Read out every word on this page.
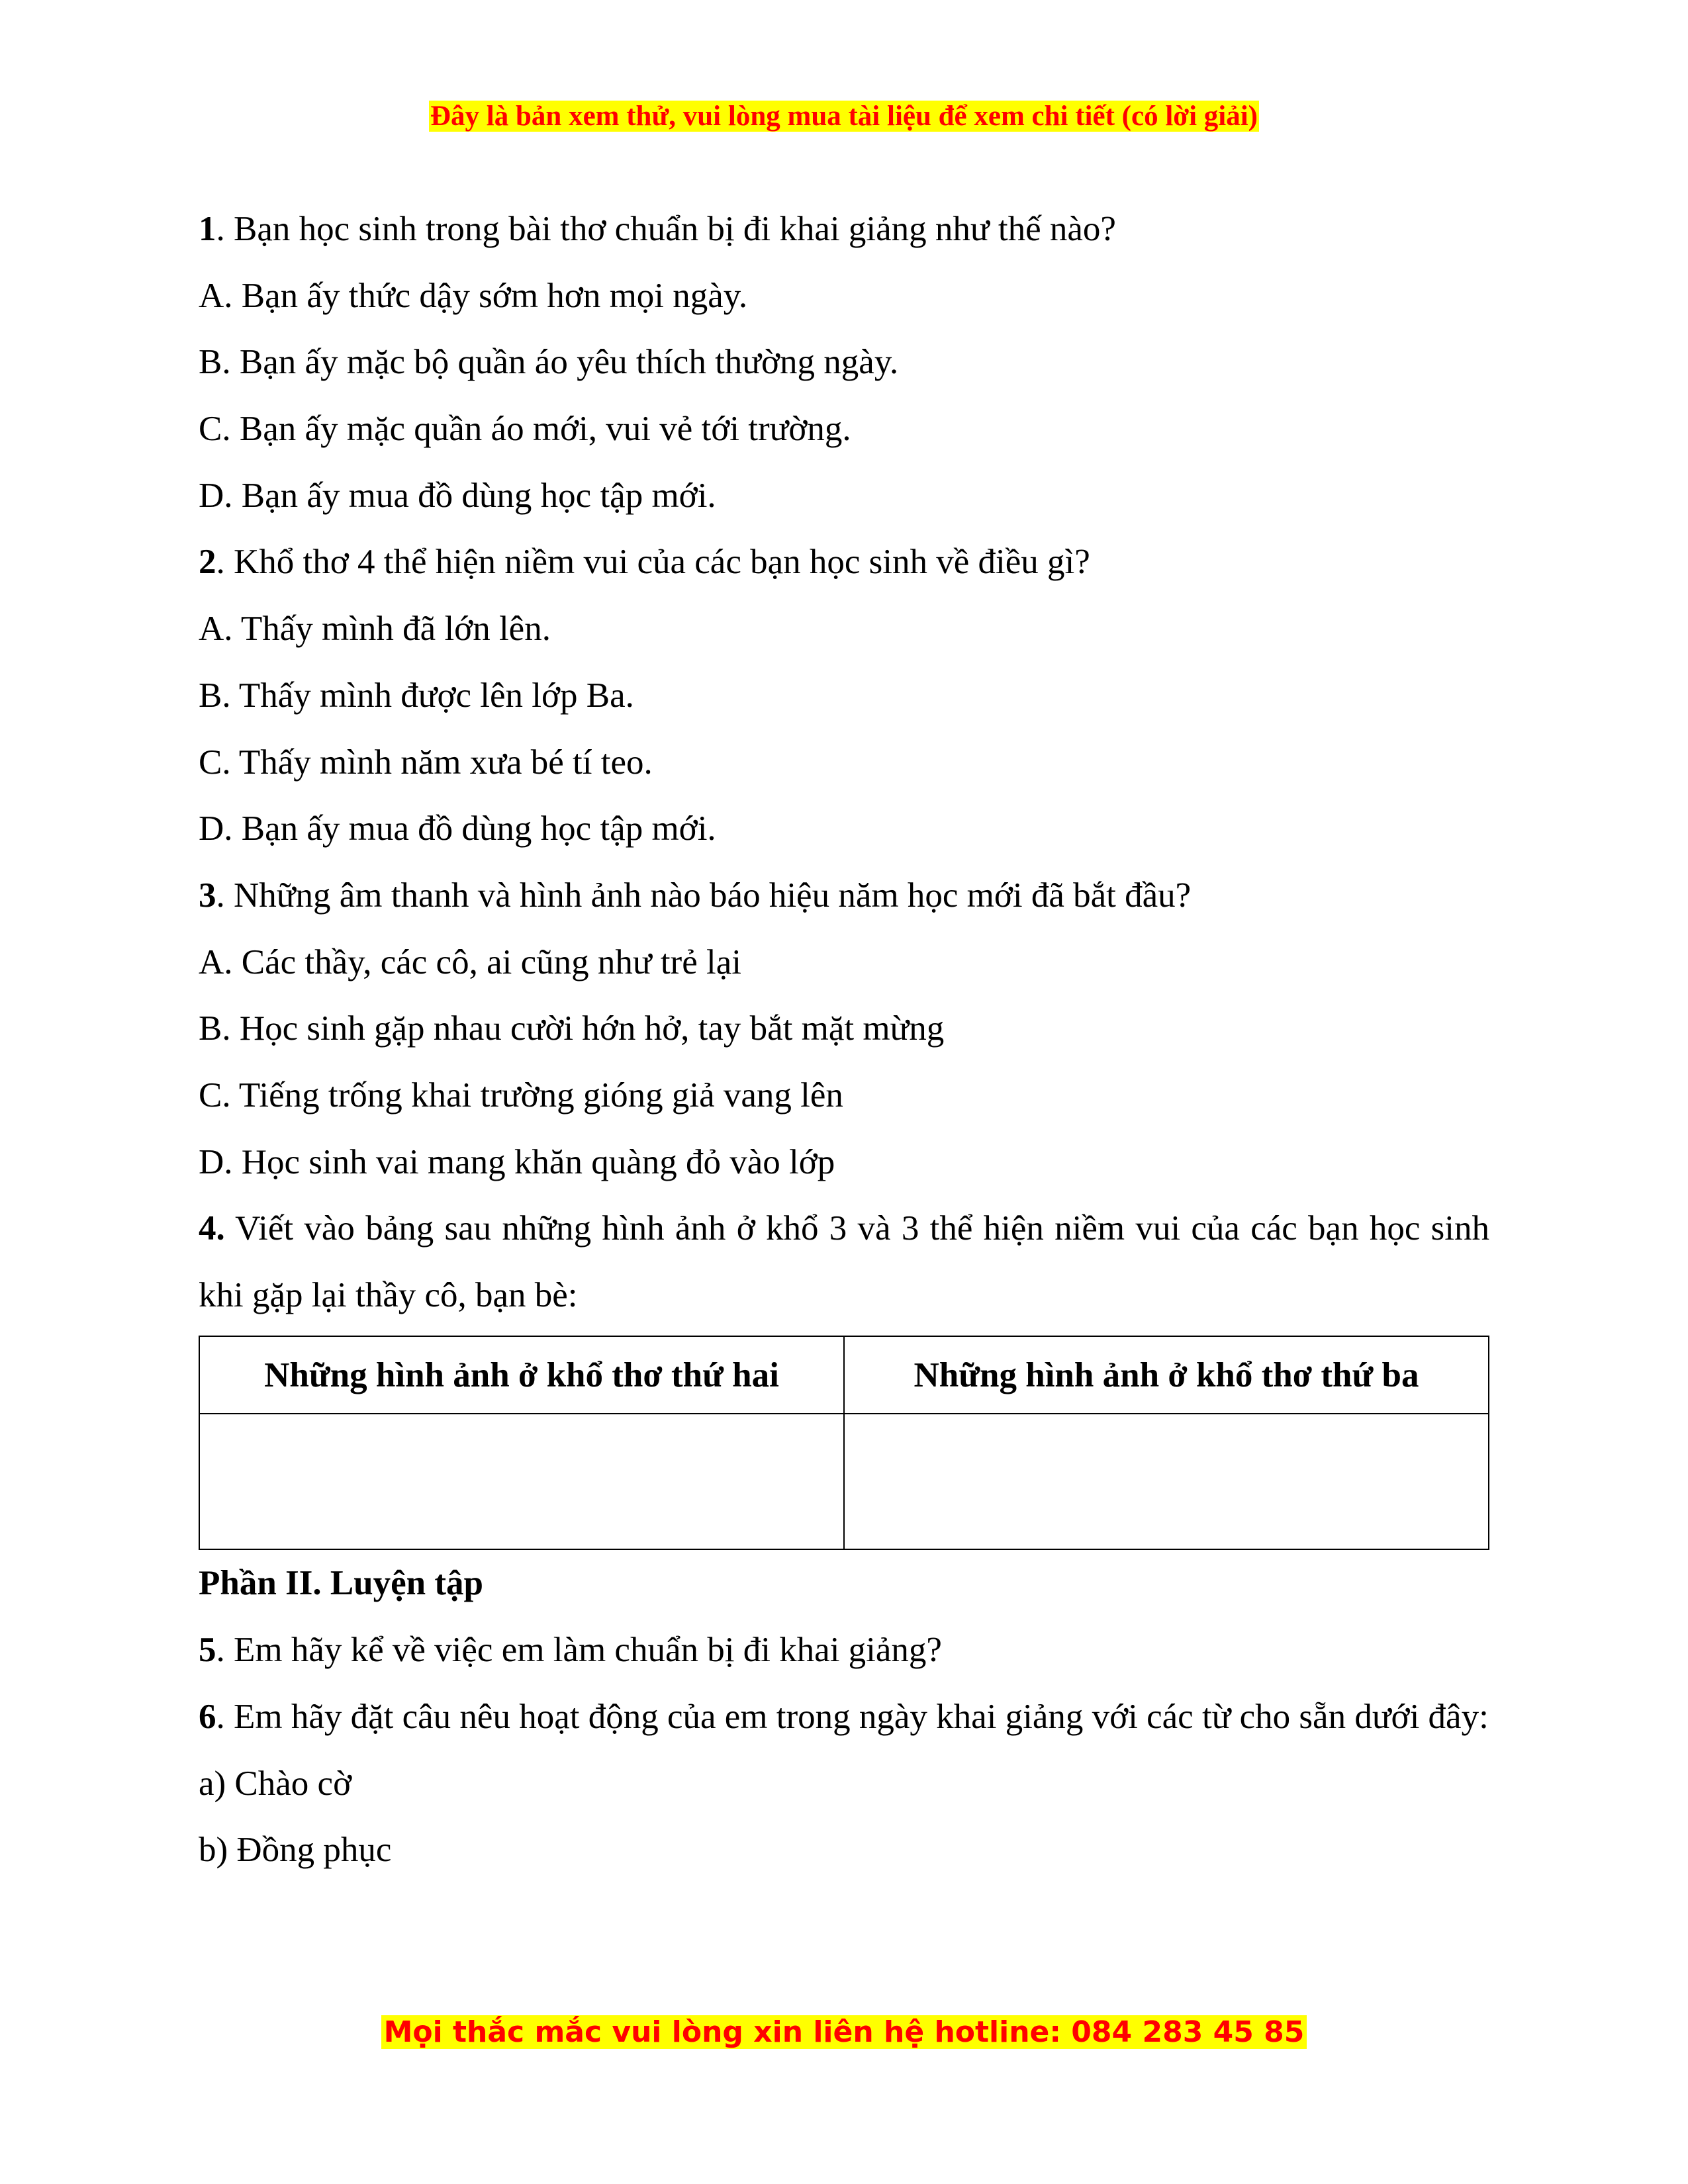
Đây là bản xem thử, vui lòng mua tài liệu để xem chi tiết (có lời giải)
1. Bạn học sinh trong bài thơ chuẩn bị đi khai giảng như thế nào?
A. Bạn ấy thức dậy sớm hơn mọi ngày.
B. Bạn ấy mặc bộ quần áo yêu thích thường ngày.
C. Bạn ấy mặc quần áo mới, vui vẻ tới trường.
D. Bạn ấy mua đồ dùng học tập mới.
2. Khổ thơ 4 thể hiện niềm vui của các bạn học sinh về điều gì?
A. Thấy mình đã lớn lên.
B. Thấy mình được lên lớp Ba.
C. Thấy mình năm xưa bé tí teo.
D. Bạn ấy mua đồ dùng học tập mới.
3. Những âm thanh và hình ảnh nào báo hiệu năm học mới đã bắt đầu?
A. Các thầy, các cô, ai cũng như trẻ lại
B. Học sinh gặp nhau cười hớn hở, tay bắt mặt mừng
C. Tiếng trống khai trường gióng giả vang lên
D. Học sinh vai mang khăn quàng đỏ vào lớp
4. Viết vào bảng sau những hình ảnh ở khổ 3 và 3 thể hiện niềm vui của các bạn học sinh khi gặp lại thầy cô, bạn bè:
Những hình ảnh ở khổ thơ thứ hai	Những hình ảnh ở khổ thơ thứ ba

Phần II. Luyện tập
5. Em hãy kể về việc em làm chuẩn bị đi khai giảng?
6. Em hãy đặt câu nêu hoạt động của em trong ngày khai giảng với các từ cho sẵn dưới đây:
a) Chào cờ
b) Đồng phục
Mọi thắc mắc vui lòng xin liên hệ hotline: 084 283 45 85
